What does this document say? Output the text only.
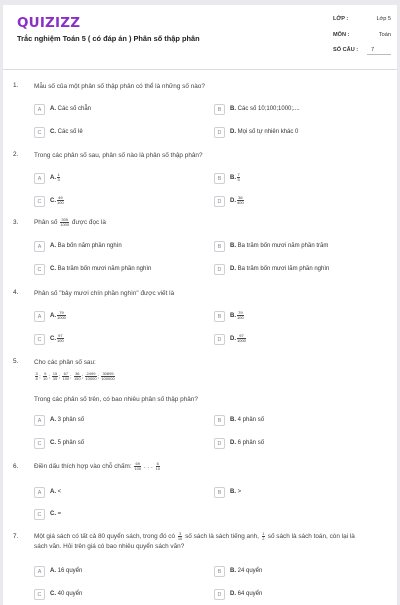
QUIZIZZ
Trắc nghiệm Toán 5 ( có đáp án ) Phân số thập phân
LỚP :	Lớp 5
MÔN :	Toán
SỐ CÂU :	7
1. Mẫu số của một phân số thập phân có thể là những số nào?
A	A. Các số chẵn	B	B. Các số 10;100;1000;....
C	C. Các số lẻ	D	D. Mọi số tự nhiên khác 0
2. Trong các phân số sau, phân số nào là phân số thập phân?
A	A. $\frac{1}{3}$	B	B. $\frac{7}{5}$
C	C. $\frac{49}{100}$	D	D. $\frac{36}{400}$
3. Phân số $\frac{305}{1000}$ được đọc là
A	A. Ba bốn năm phần nghìn	B	B. Ba trăm bốn mươi năm phần trăm
C	C. Ba trăm bốn mươi năm phần nghìn	D	D. Ba trăm bốn mươi lăm phần nghìn
4. Phân số "bảy mươi chín phần nghìn" được viết là
A	A. $\frac{79}{1000}$	B	B. $\frac{79}{100}$
C	C. $\frac{97}{100}$	D	D. $\frac{97}{1000}$
5. Cho các phân số sau:
$\frac{3}{8}$ ; $\frac{9}{10}$ ; $\frac{15}{35}$ ; $\frac{67}{100}$ ; $\frac{36}{150}$ ; $\frac{2499}{10000}$ ; $\frac{30895}{100000}$
Trong các phân số trên, có bao nhiêu phân số thập phân?
A	A. 3 phân số	B	B. 4 phân số
C	C. 5 phân số	D	D. 6 phân số
6. Điền dấu thích hợp vào chỗ chấm: $\frac{69}{100}$ . . . $\frac{6}{10}$
A	A. <	B	B. >
C	C. =
7. Một giá sách có tất cả 80 quyển sách, trong đó có $\frac{3}{10}$ số sách là sách tiếng anh, $\frac{1}{2}$ số sách là sách toán, còn lại là
sách văn. Hỏi trên giá có bao nhiêu quyển sách văn?
A	A. 16 quyển	B	B. 24 quyển
C	C. 40 quyển	D	D. 64 quyển
